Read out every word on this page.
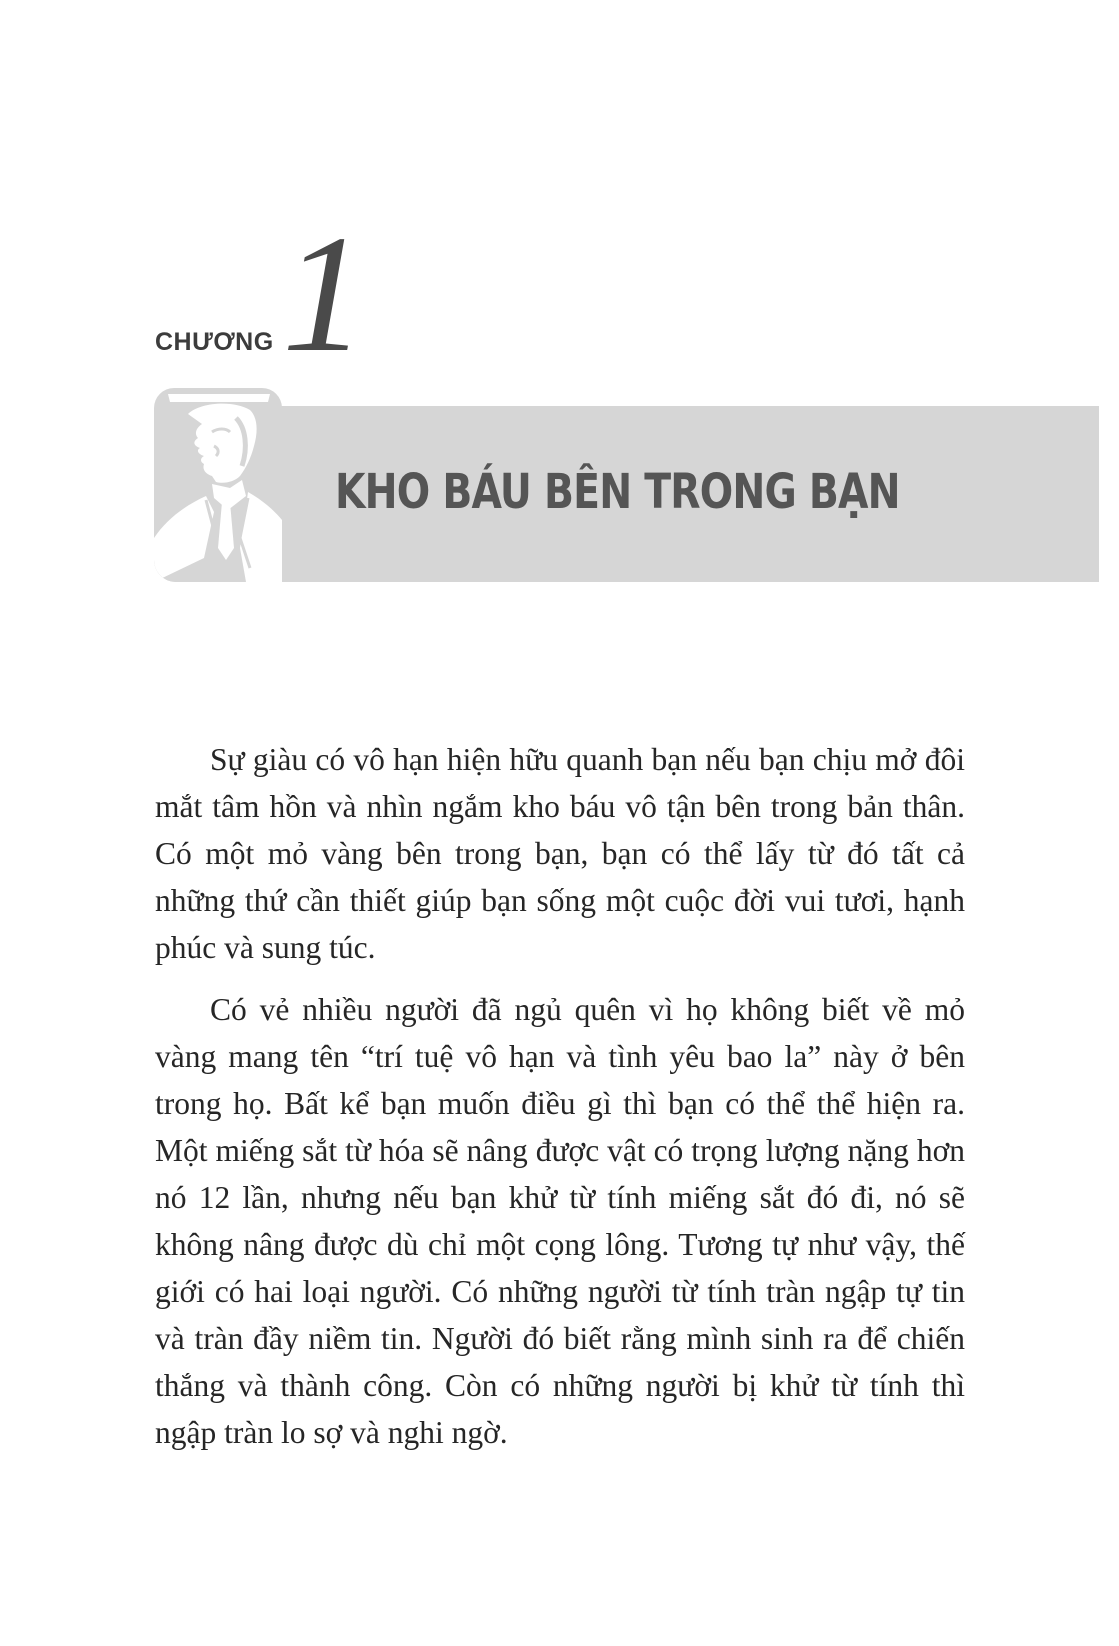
CHƯƠNG 1
KHO BÁU BÊN TRONG BẠN

Sự giàu có vô hạn hiện hữu quanh bạn nếu bạn chịu mở đôi mắt tâm hồn và nhìn ngắm kho báu vô tận bên trong bản thân. Có một mỏ vàng bên trong bạn, bạn có thể lấy từ đó tất cả những thứ cần thiết giúp bạn sống một cuộc đời vui tươi, hạnh phúc và sung túc.

Có vẻ nhiều người đã ngủ quên vì họ không biết về mỏ vàng mang tên “trí tuệ vô hạn và tình yêu bao la” này ở bên trong họ. Bất kể bạn muốn điều gì thì bạn có thể thể hiện ra. Một miếng sắt từ hóa sẽ nâng được vật có trọng lượng nặng hơn nó 12 lần, nhưng nếu bạn khử từ tính miếng sắt đó đi, nó sẽ không nâng được dù chỉ một cọng lông. Tương tự như vậy, thế giới có hai loại người. Có những người từ tính tràn ngập tự tin và tràn đầy niềm tin. Người đó biết rằng mình sinh ra để chiến thắng và thành công. Còn có những người bị khử từ tính thì ngập tràn lo sợ và nghi ngờ.
